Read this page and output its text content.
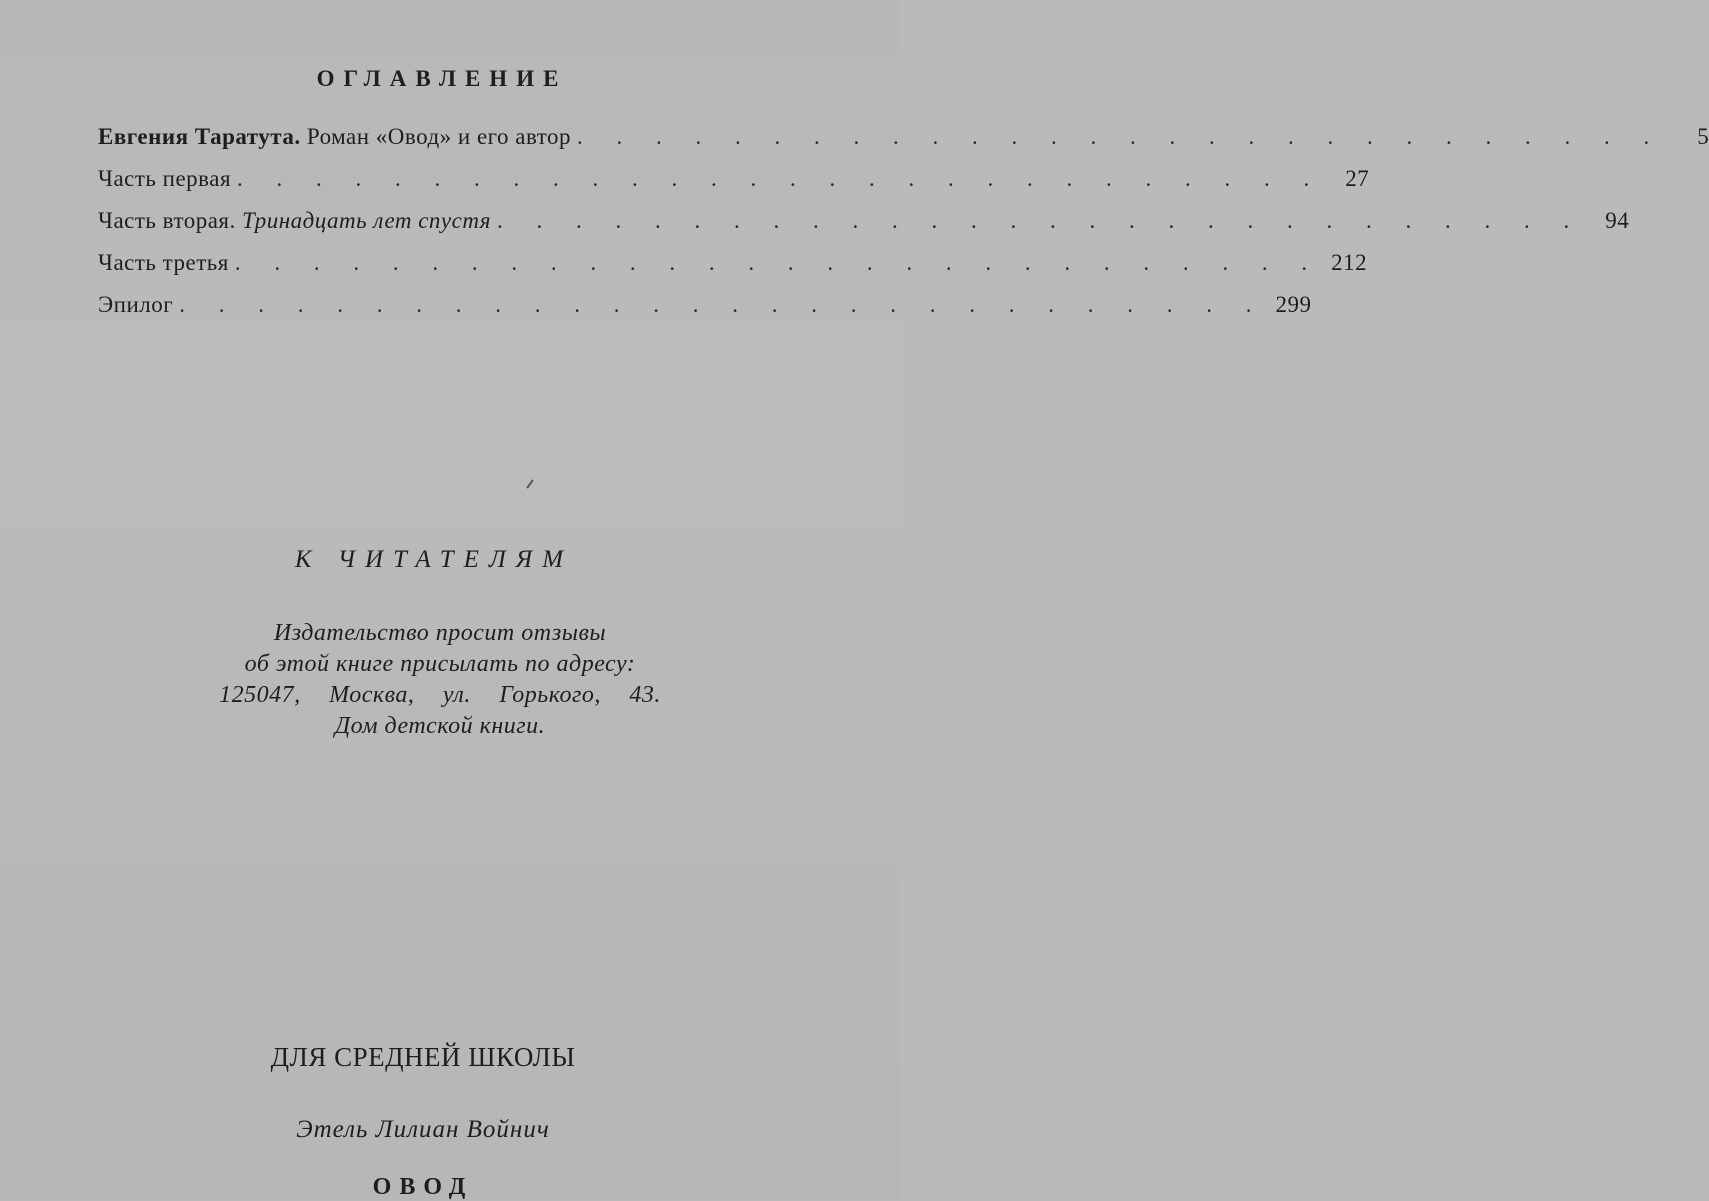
ОГЛАВЛЕНИЕ
Евгения Таратута. Роман «Овод» и его автор . . . . . . . . . . . . . . . . . . . . . . . . . . . .	5
Часть первая . . . . . . . . . . . . . . . . . . . . . . . . . . . . 27
Часть вторая. Тринадцать лет спустя . . . . . . . . . . . . . . . . . . . . . . . . . . . . 94
Часть третья . . . . . . . . . . . . . . . . . . . . . . . . . . . . 212
Эпилог . . . . . . . . . . . . . . . . . . . . . . . . . . . . 299
К ЧИТАТЕЛЯМ
Издательство просит отзывы
об этой книге присылать по адресу:
125047, Москва, ул. Горького, 43.
Дом детской книги.
ДЛЯ СРЕДНЕЙ ШКОЛЫ
Этель Лилиан Войнич
ОВОД
